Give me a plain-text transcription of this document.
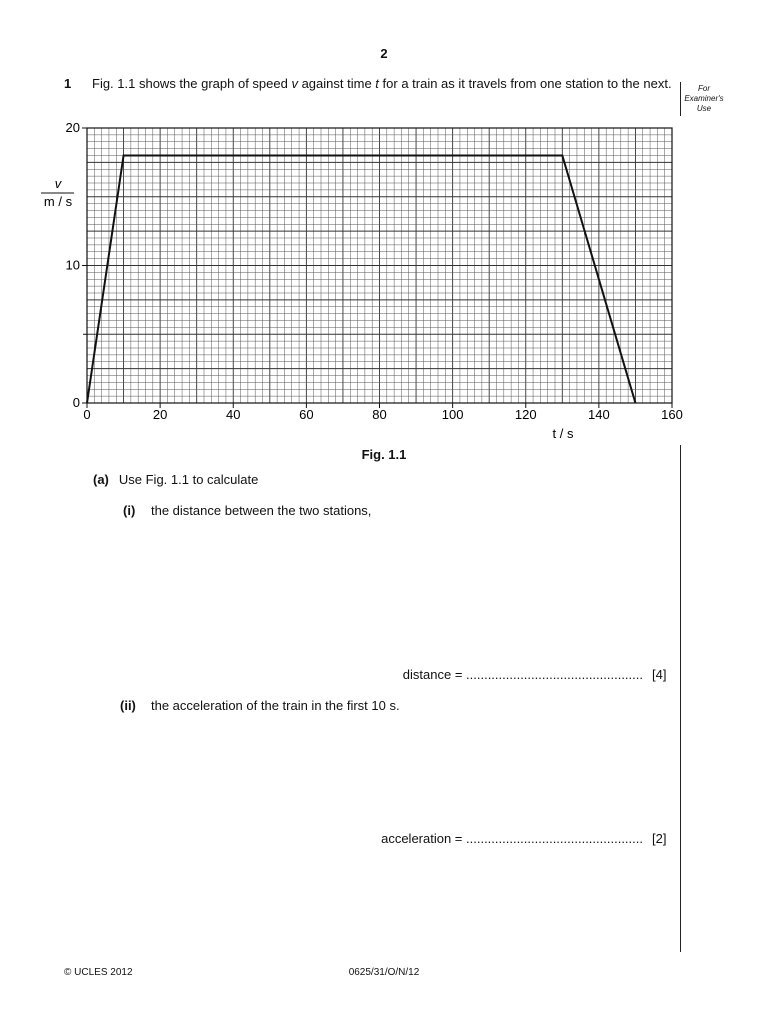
2
1 Fig. 1.1 shows the graph of speed v against time t for a train as it travels from one station to the next.	For Examiner's Use
0	20	40	60	80	100	120	140	160
0
10
20
v
m / s
t / s
Fig. 1.1
(a) Use Fig. 1.1 to calculate
(i) the distance between the two stations,
distance = ................................................. [4]
(ii) the acceleration of the train in the first 10 s.
acceleration = ................................................. [2]
© UCLES 2012	0625/31/O/N/12
